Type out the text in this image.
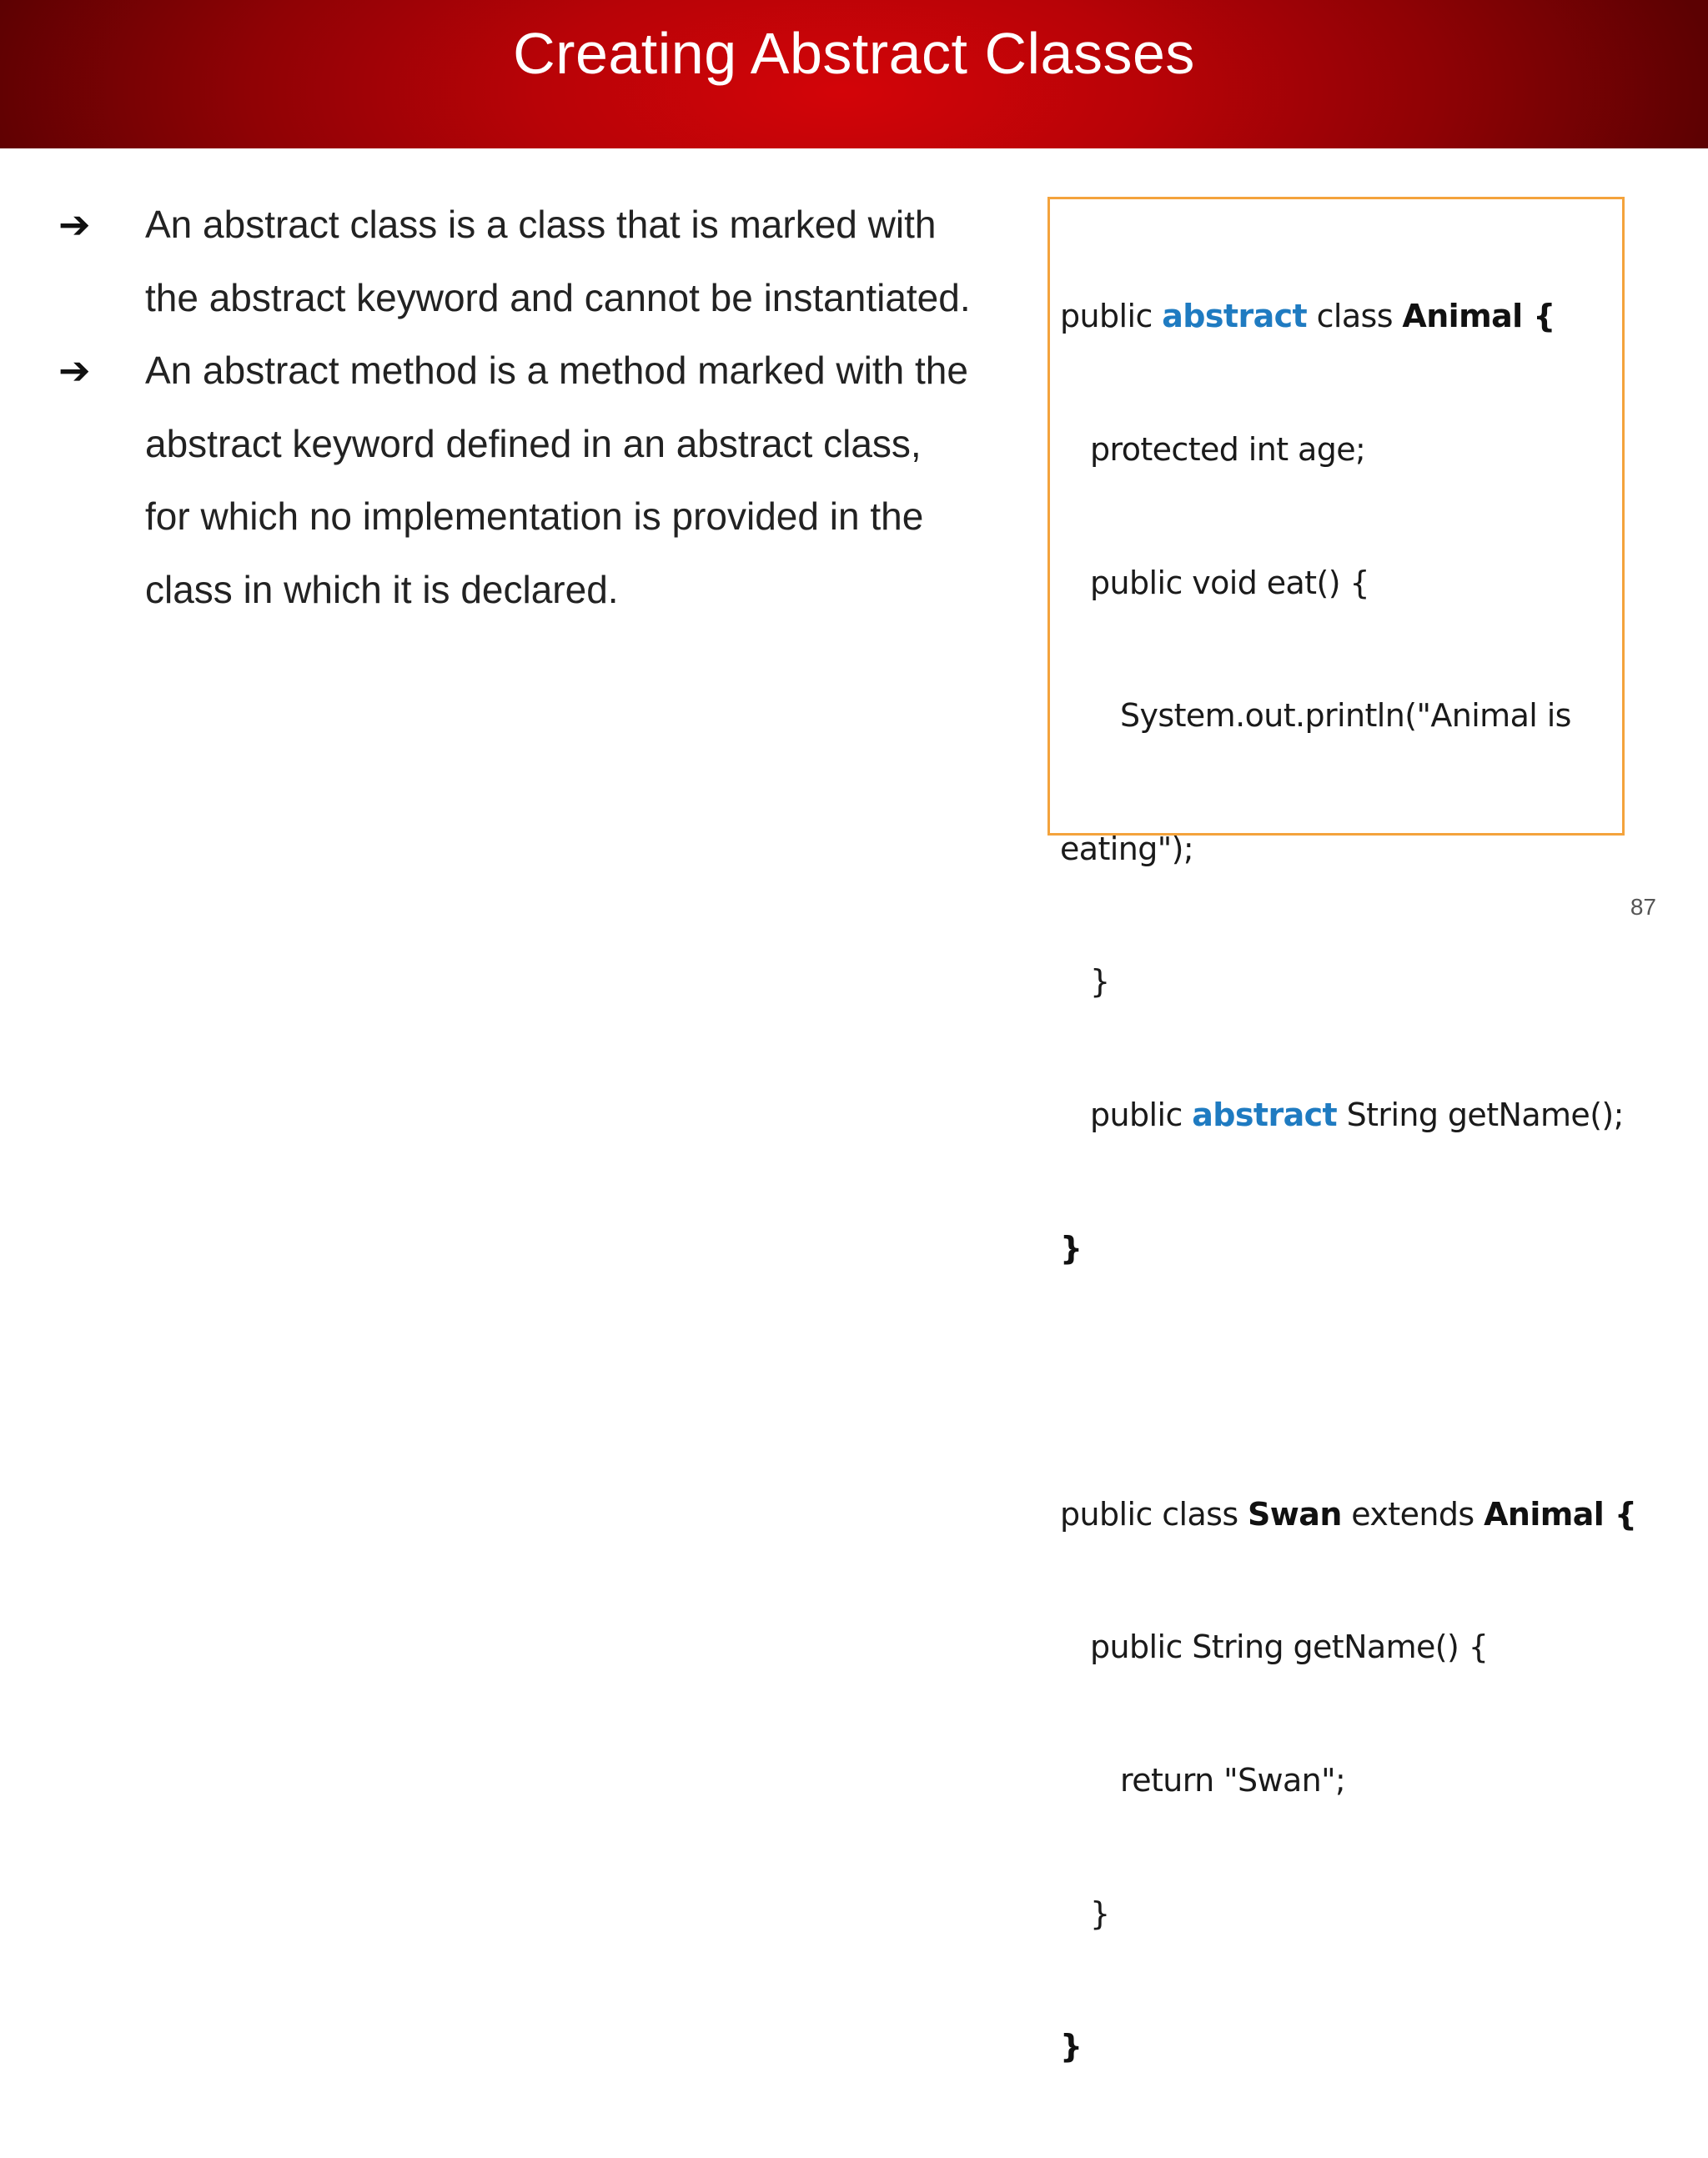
Creating Abstract Classes
➔	An abstract class is a class that is marked with
the abstract keyword and cannot be instantiated.
➔	An abstract method is a method marked with the
abstract keyword defined in an abstract class,
for which no implementation is provided in the
class in which it is declared.

public abstract class Animal {

protected int age;

public void eat() {

System.out.println("Animal is

eating");

}

public abstract String getName();

}

public class Swan extends Animal {

public String getName() {

return "Swan";

}

}

87
